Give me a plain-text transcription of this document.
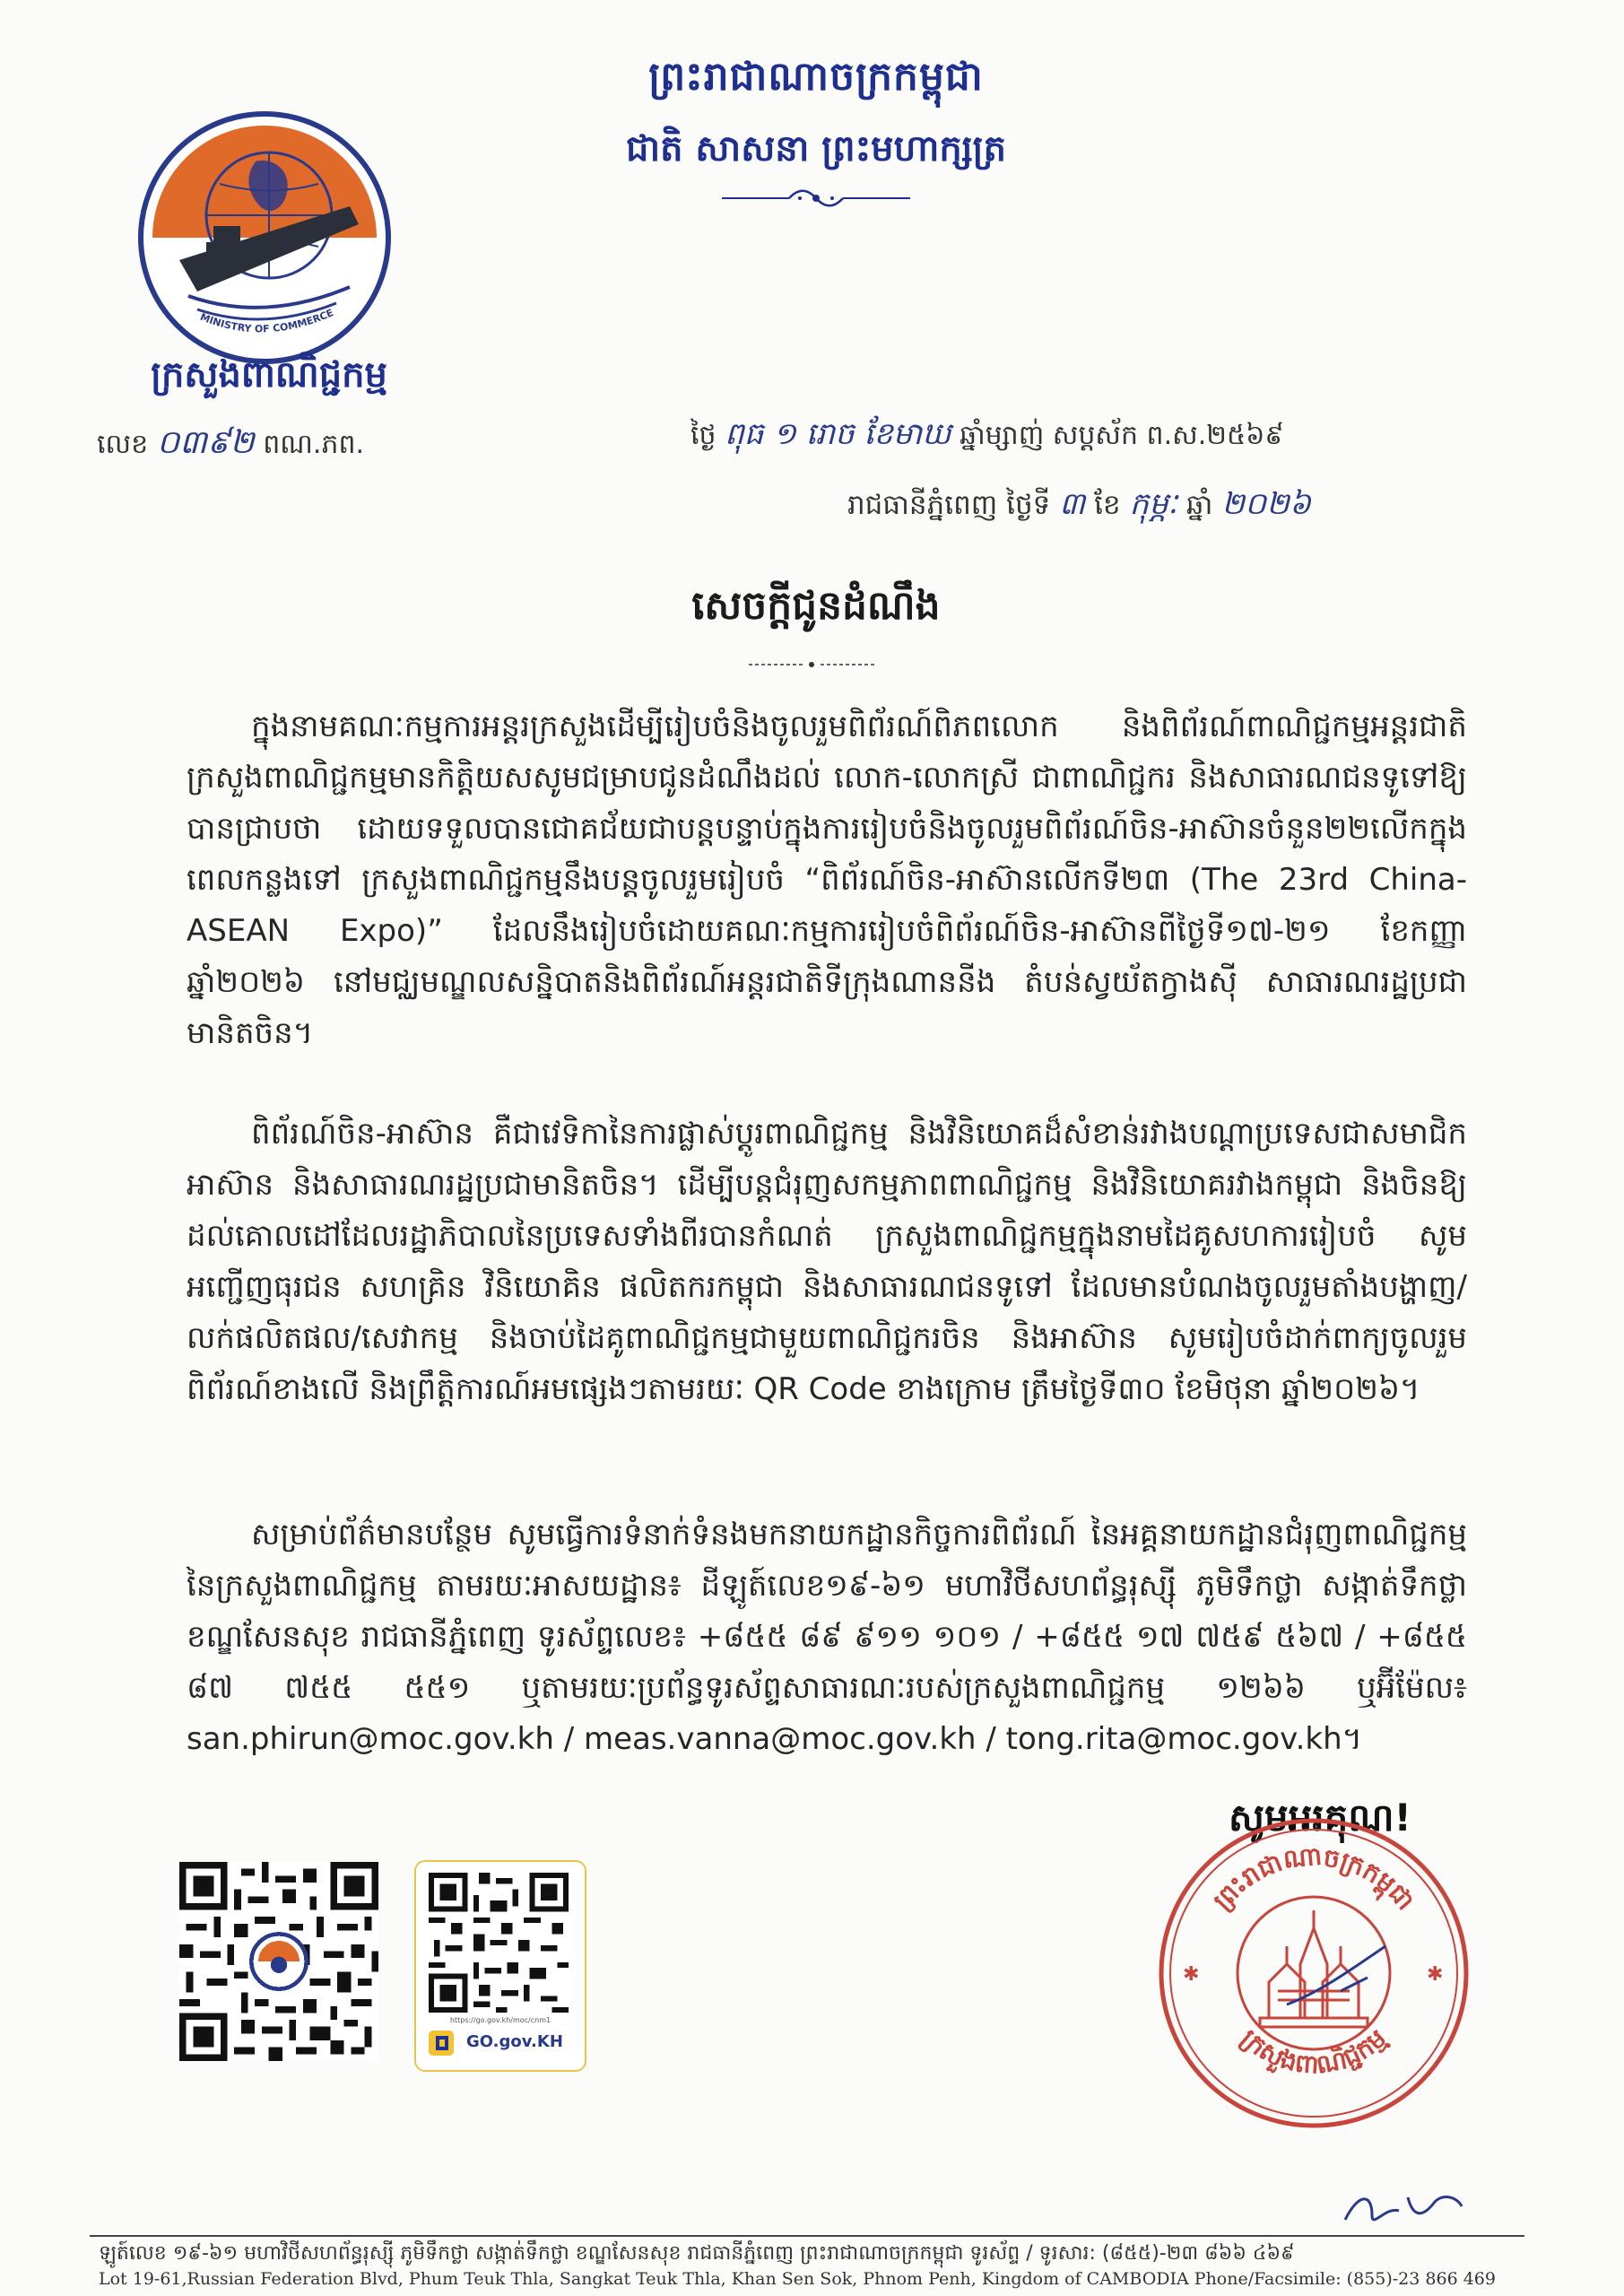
ព្រះរាជាណាចក្រកម្ពុជា
ជាតិ សាសនា ព្រះមហាក្សត្រ
MINISTRY OF COMMERCE
ក្រសួងពាណិជ្ជកម្ម
លេខ ០៣៩២ ពណ.ភព.	ថ្ងៃ ពុធ ១ រោច ខែមាឃ ឆ្នាំម្សាញ់ សប្តស័ក ព.ស.២៥៦៩
រាជធានីភ្នំពេញ ថ្ងៃទី ៣ ខែ កុម្ភៈ ឆ្នាំ ២០២៦
សេចក្តីជូនដំណឹង
ក្នុងនាមគណៈកម្មការអន្តរក្រសួងដើម្បីរៀបចំនិងចូលរួមពិព័រណ៍ពិភពលោក និងពិព័រណ៍ពាណិជ្ជកម្មអន្តរជាតិ ក្រសួងពាណិជ្ជកម្មមានកិត្តិយសសូមជម្រាបជូនដំណឹងដល់ លោក-លោកស្រី ជាពាណិជ្ជករ និងសាធារណជនទូទៅឱ្យបានជ្រាបថា ដោយទទួលបានជោគជ័យជាបន្តបន្ទាប់ក្នុងការរៀបចំនិងចូលរួមពិព័រណ៍ចិន-អាស៊ានចំនួន២២លើកក្នុងពេលកន្លងទៅ ក្រសួងពាណិជ្ជកម្មនឹងបន្តចូលរួមរៀបចំ “ពិព័រណ៍ចិន-អាស៊ានលើកទី២៣ (The 23rd China-ASEAN Expo)” ដែលនឹងរៀបចំដោយគណៈកម្មការរៀបចំពិព័រណ៍ចិន-អាស៊ានពីថ្ងៃទី១៧-២១ ខែកញ្ញា ឆ្នាំ២០២៦ នៅមជ្ឈមណ្ឌលសន្និបាតនិងពិព័រណ៍អន្តរជាតិទីក្រុងណាននីង តំបន់ស្វយ័តក្វាងស៊ី សាធារណរដ្ឋប្រជាមានិតចិន។
ពិព័រណ៍ចិន-អាស៊ាន គឺជាវេទិកានៃការផ្លាស់ប្តូរពាណិជ្ជកម្ម និងវិនិយោគដ៏សំខាន់រវាងបណ្តាប្រទេសជាសមាជិកអាស៊ាន និងសាធារណរដ្ឋប្រជាមានិតចិន។ ដើម្បីបន្តជំរុញសកម្មភាពពាណិជ្ជកម្ម និងវិនិយោគរវាងកម្ពុជា និងចិនឱ្យដល់គោលដៅដែលរដ្ឋាភិបាលនៃប្រទេសទាំងពីរបានកំណត់ ក្រសួងពាណិជ្ជកម្មក្នុងនាមដៃគូសហការរៀបចំ សូមអញ្ជើញធុរជន សហគ្រិន វិនិយោគិន ផលិតករកម្ពុជា និងសាធារណជនទូទៅ ដែលមានបំណងចូលរួមតាំងបង្ហាញ/លក់ផលិតផល/សេវាកម្ម និងចាប់ដៃគូពាណិជ្ជកម្មជាមួយពាណិជ្ជករចិន និងអាស៊ាន សូមរៀបចំដាក់ពាក្យចូលរួមពិព័រណ៍ខាងលើ និងព្រឹត្តិការណ៍អមផ្សេងៗតាមរយៈ QR Code ខាងក្រោម ត្រឹមថ្ងៃទី៣០ ខែមិថុនា ឆ្នាំ២០២៦។
សម្រាប់ព័ត៌មានបន្ថែម សូមធ្វើការទំនាក់ទំនងមកនាយកដ្ឋានកិច្ចការពិព័រណ៍ នៃអគ្គនាយកដ្ឋានជំរុញពាណិជ្ជកម្ម នៃក្រសួងពាណិជ្ជកម្ម តាមរយៈអាសយដ្ឋាន៖ ដីឡូត៍លេខ១៩-៦១ មហាវិថីសហព័ន្ធរុស្ស៊ី ភូមិទឹកថ្លា សង្កាត់ទឹកថ្លា ខណ្ឌសែនសុខ រាជធានីភ្នំពេញ ទូរស័ព្ទលេខ៖ +៨៥៥ ៨៩ ៩១១ ១០១ / +៨៥៥ ១៧ ៧៥៩ ៥៦៧ / +៨៥៥ ៨៧ ៧៥៥ ៥៥១ ឬតាមរយៈប្រព័ន្ធទូរស័ព្ទសាធារណៈរបស់ក្រសួងពាណិជ្ជកម្ម ១២៦៦ ឬអ៊ីម៉ែល៖ san.phirun@moc.gov.kh / meas.vanna@moc.gov.kh / tong.rita@moc.gov.kh។
សូមអរគុណ!
https://go.gov.kh/moc/cnm1
GO.gov.KH
ព្រះរាជាណាចក្រកម្ពុជា
ក្រសួងពាណិជ្ជកម្ម
✱	✱
ឡូត៍លេខ ១៩-៦១ មហាវិថីសហព័ន្ធរុស្ស៊ី ភូមិទឹកថ្លា សង្កាត់ទឹកថ្លា ខណ្ឌសែនសុខ រាជធានីភ្នំពេញ ព្រះរាជាណាចក្រកម្ពុជា ទូរស័ព្ទ / ទូរសារ: (៨៥៥)-២៣ ៨៦៦ ៤៦៩
Lot 19-61,Russian Federation Blvd, Phum Teuk Thla, Sangkat Teuk Thla, Khan Sen Sok, Phnom Penh, Kingdom of CAMBODIA Phone/Facsimile: (855)-23 866 469
